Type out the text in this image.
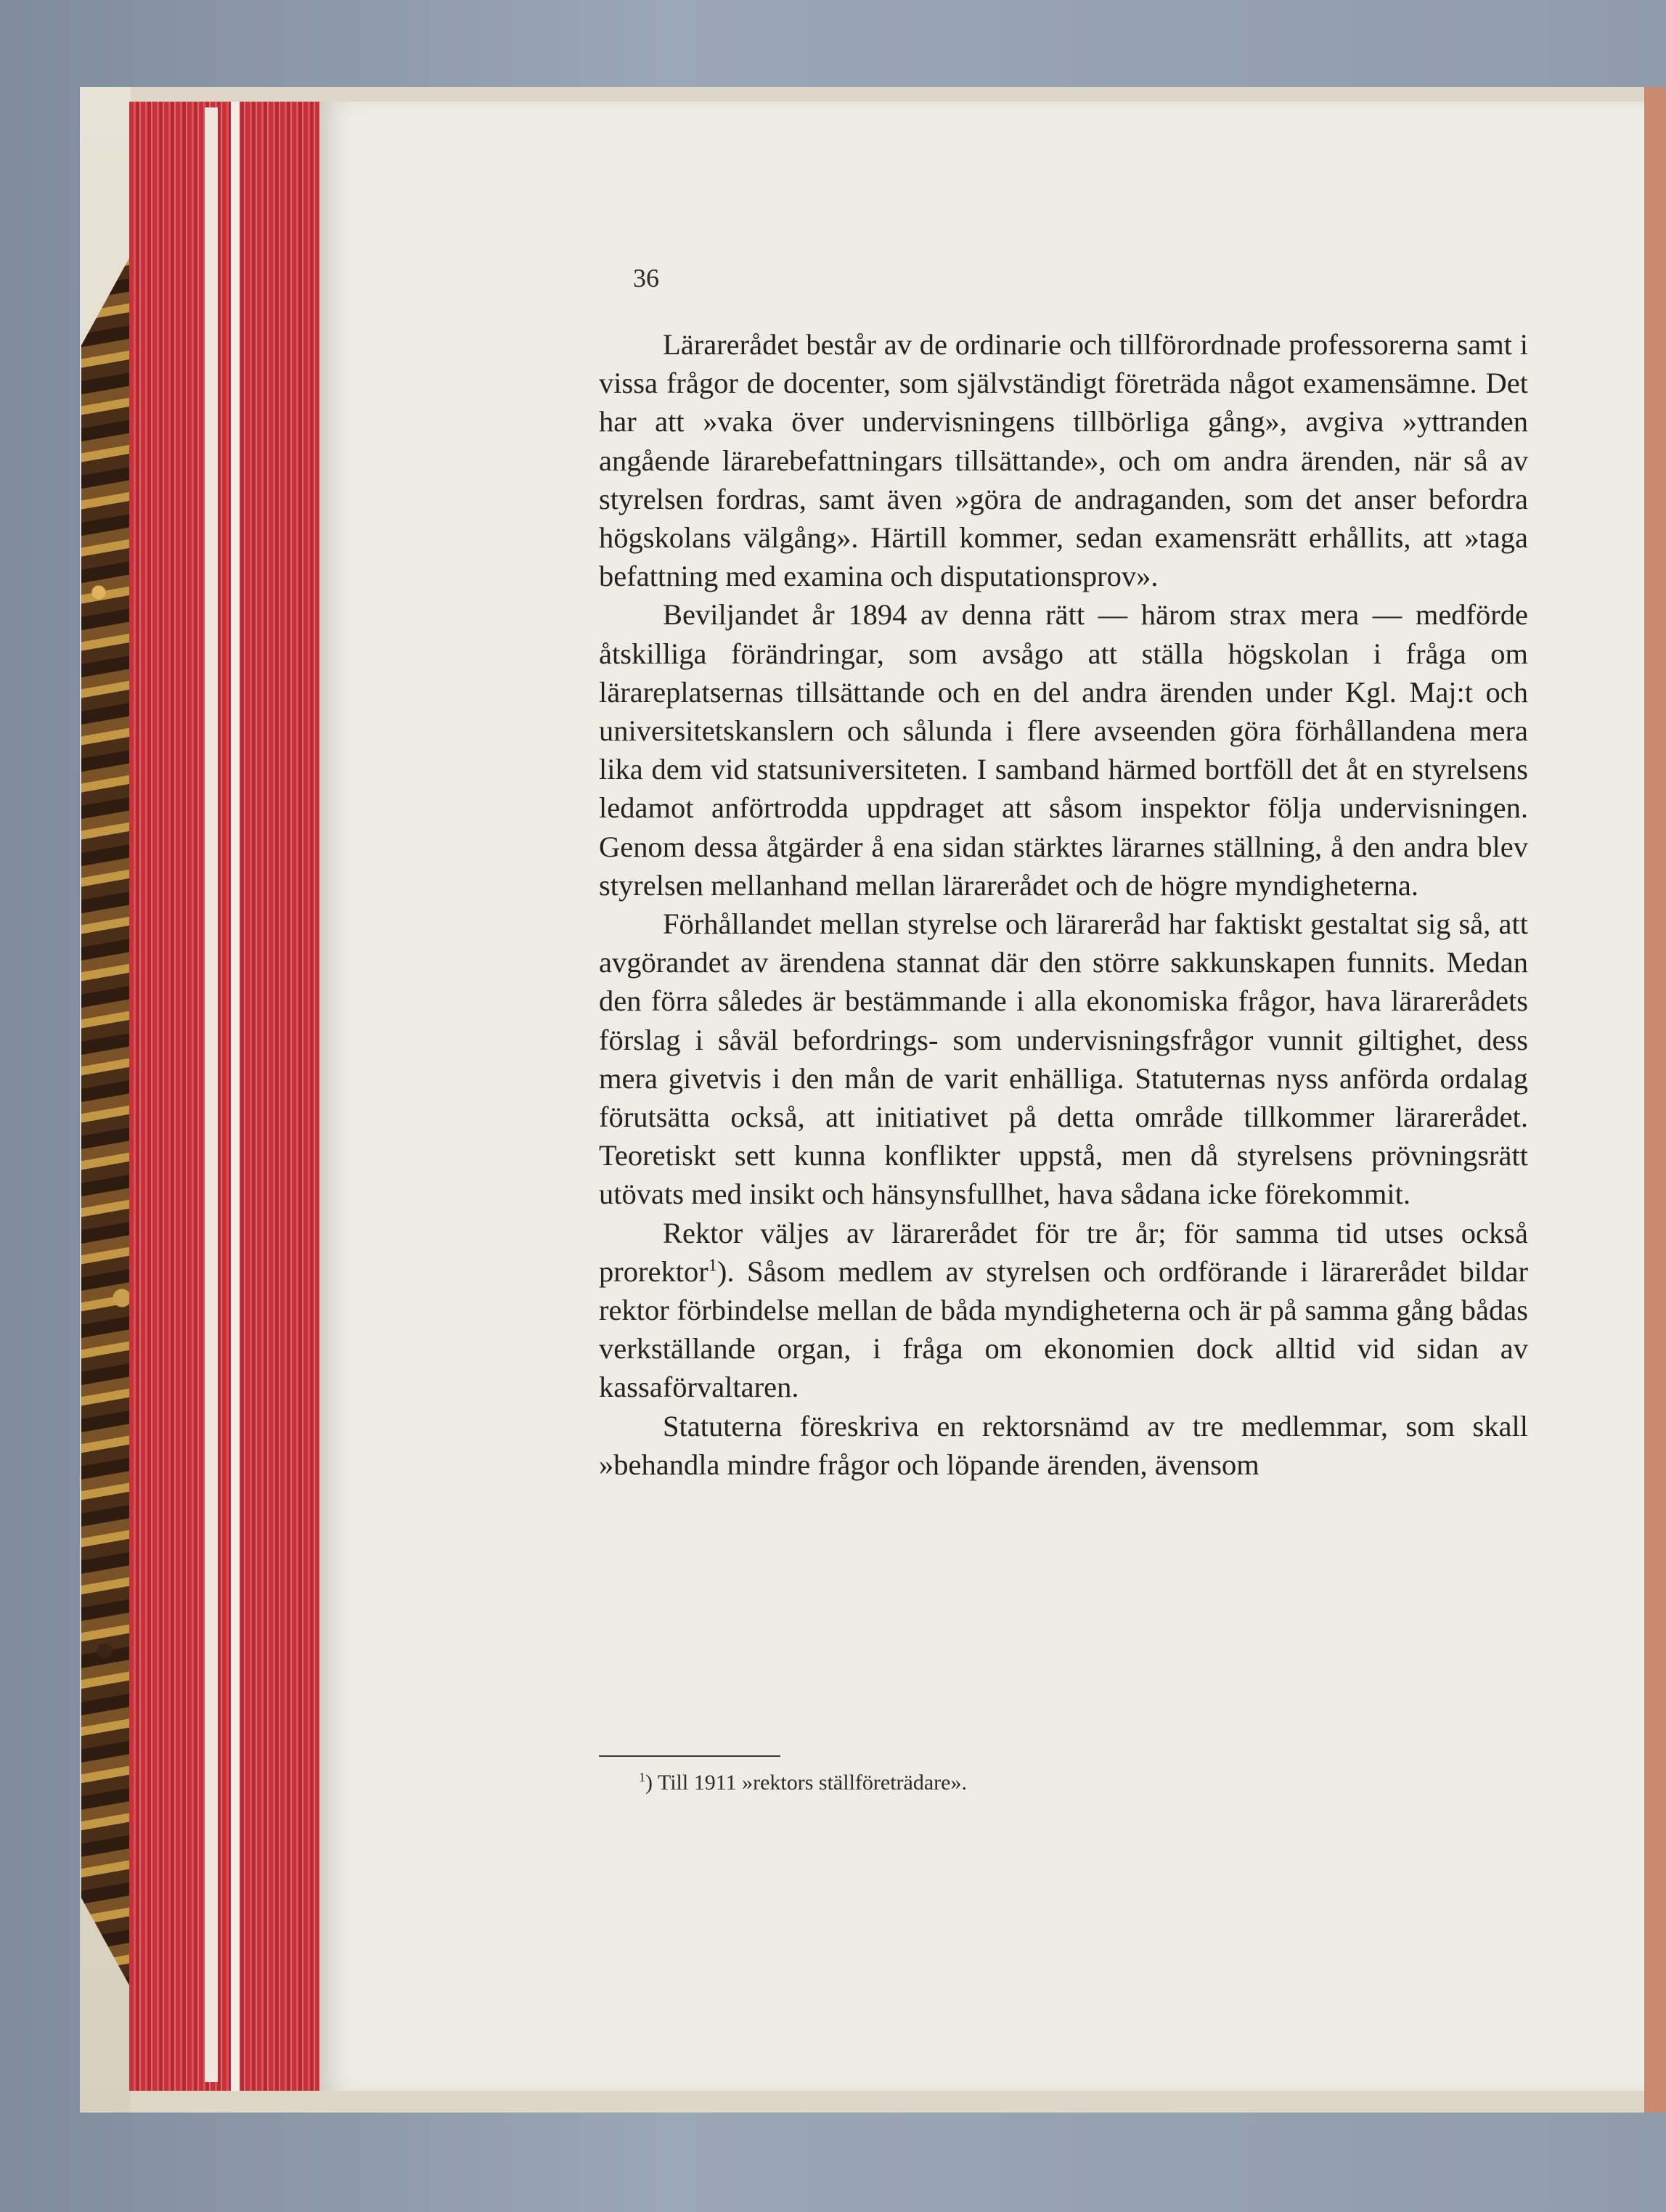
36

Lärarerådet består av de ordinarie och tillförordnade professorerna samt i vissa frågor de docenter, som självständigt företräda något examensämne. Det har att »vaka över undervisningens tillbörliga gång», avgiva »yttranden angående lärarebefattningars tillsättande», och om andra ärenden, när så av styrelsen fordras, samt även »göra de andraganden, som det anser befordra högskolans välgång». Härtill kommer, sedan examensrätt erhållits, att »taga befattning med examina och disputationsprov».

Beviljandet år 1894 av denna rätt — härom strax mera — medförde åtskilliga förändringar, som avsågo att ställa högskolan i fråga om lärareplatsernas tillsättande och en del andra ärenden under Kgl. Maj:t och universitetskanslern och sålunda i flere avseenden göra förhållandena mera lika dem vid statsuniversiteten. I samband härmed bortföll det åt en styrelsens ledamot anförtrodda uppdraget att såsom inspektor följa undervisningen. Genom dessa åtgärder å ena sidan stärktes lärarnes ställning, å den andra blev styrelsen mellanhand mellan lärarerådet och de högre myndigheterna.

Förhållandet mellan styrelse och lärareråd har faktiskt gestaltat sig så, att avgörandet av ärendena stannat där den större sakkunskapen funnits. Medan den förra således är bestämmande i alla ekonomiska frågor, hava lärarerådets förslag i såväl befordrings- som undervisningsfrågor vunnit giltighet, dess mera givetvis i den mån de varit enhälliga. Statuternas nyss anförda ordalag förutsätta också, att initiativet på detta område tillkommer lärarerådet. Teoretiskt sett kunna konflikter uppstå, men då styrelsens prövningsrätt utövats med insikt och hänsynsfullhet, hava sådana icke förekommit.

Rektor väljes av lärarerådet för tre år; för samma tid utses också prorektor$^1$). Såsom medlem av styrelsen och ordförande i lärarerådet bildar rektor förbindelse mellan de båda myndigheterna och är på samma gång bådas verkställande organ, i fråga om ekonomien dock alltid vid sidan av kassaförvaltaren.

Statuterna föreskriva en rektorsnämd av tre medlemmar, som skall »behandla mindre frågor och löpande ärenden, ävensom

$^1$) Till 1911 »rektors ställföreträdare».
